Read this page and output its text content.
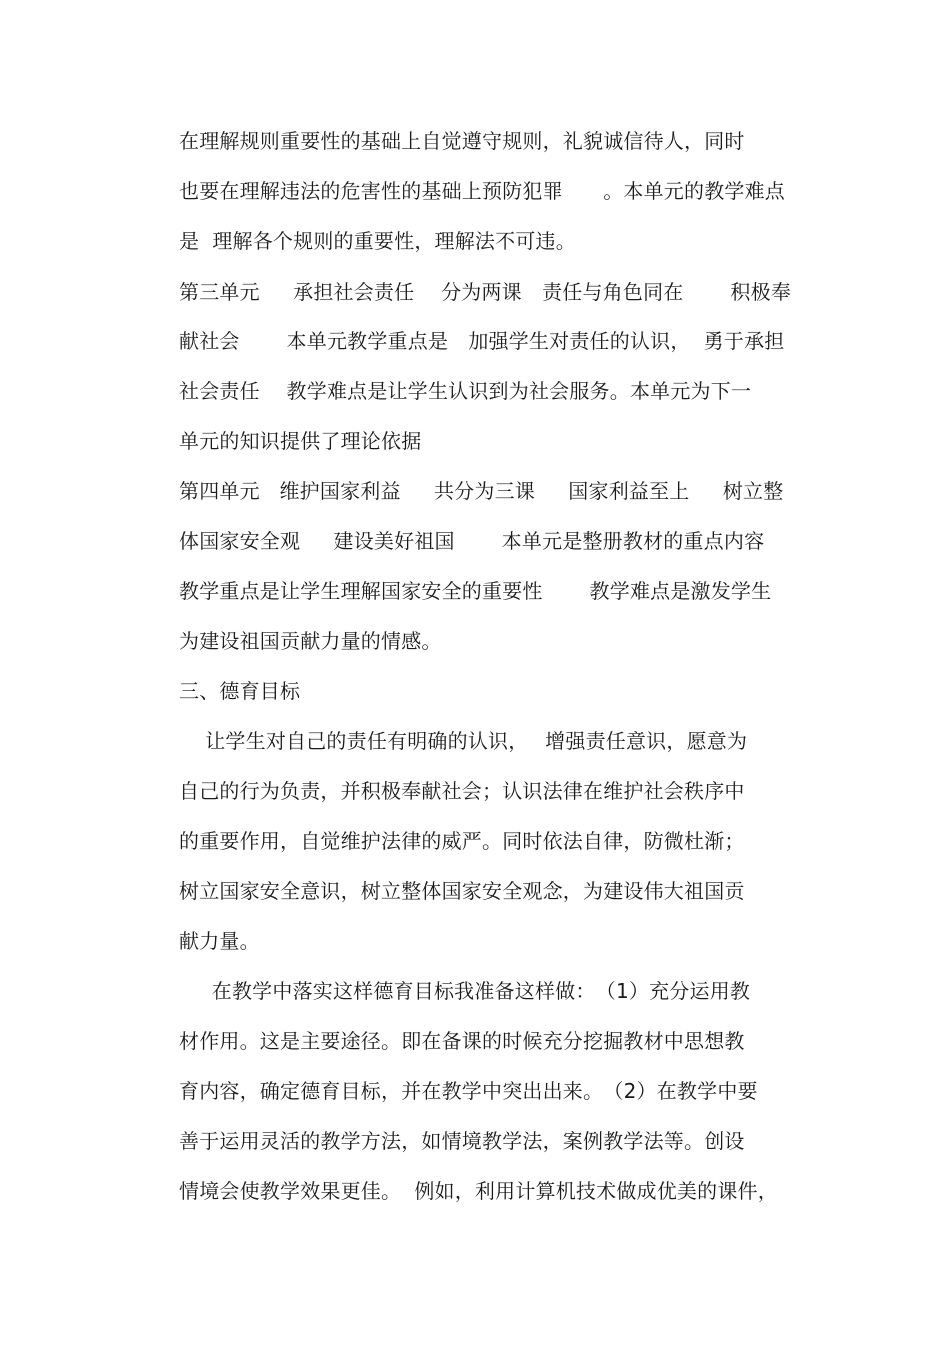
在理解规则重要性的基础上自觉遵守规则，礼貌诚信待人，同时
也要在理解违法的危害性的基础上预防犯罪　　。本单元的教学难点
是  理解各个规则的重要性，理解法不可违。
第三单元　  承担社会责任　 分为两课　责任与角色同在　　 积极奉
献社会　　 本单元教学重点是　加强学生对责任的认识，  勇于承担
社会责任　 教学难点是让学生认识到为社会服务。本单元为下一
单元的知识提供了理论依据
第四单元   维护国家利益　  共分为三课　  国家利益至上　  树立整
体国家安全观　  建设美好祖国　　 本单元是整册教材的重点内容
教学重点是让学生理解国家安全的重要性　　 教学难点是激发学生
为建设祖国贡献力量的情感。
三、德育目标
让学生对自己的责任有明确的认识，　 增强责任意识，愿意为
自己的行为负责，并积极奉献社会；认识法律在维护社会秩序中
的重要作用，自觉维护法律的威严。同时依法自律，防微杜渐；
树立国家安全意识，树立整体国家安全观念，为建设伟大祖国贡
献力量。
在教学中落实这样德育目标我准备这样做：　（1）充分运用教
材作用。这是主要途径。即在备课的时候充分挖掘教材中思想教
育内容，确定德育目标，并在教学中突出出来。　（2）在教学中要
善于运用灵活的教学方法，如情境教学法，案例教学法等。创设
情境会使教学效果更佳。  例如，利用计算机技术做成优美的课件，
